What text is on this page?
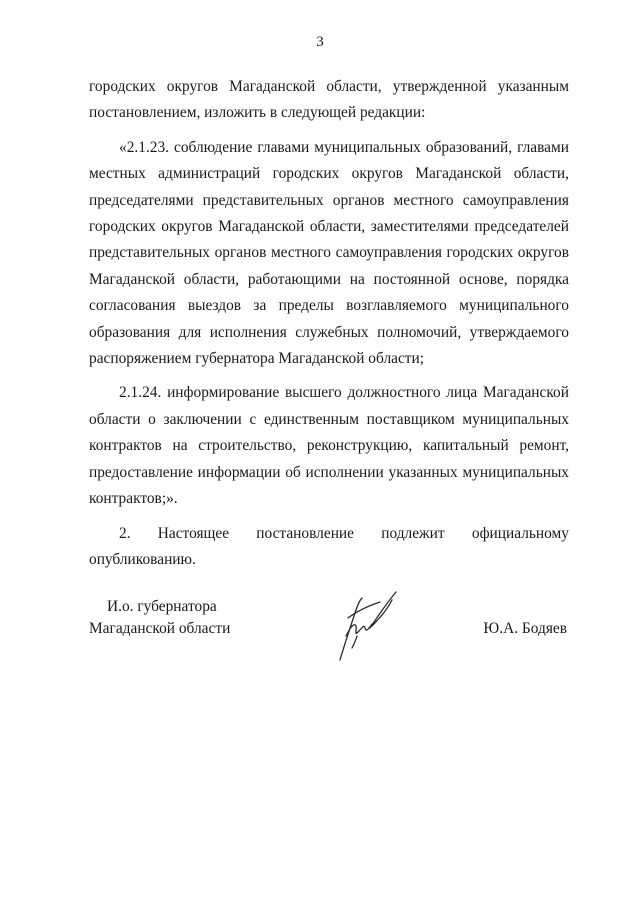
3

городских округов Магаданской области, утвержденной указанным постановлением, изложить в следующей редакции:

«2.1.23. соблюдение главами муниципальных образований, главами местных администраций городских округов Магаданской области, председателями представительных органов местного самоуправления городских округов Магаданской области, заместителями председателей представительных органов местного самоуправления городских округов Магаданской области, работающими на постоянной основе, порядка согласования выездов за пределы возглавляемого муниципального образования для исполнения служебных полномочий, утверждаемого распоряжением губернатора Магаданской области;

2.1.24. информирование высшего должностного лица Магаданской области о заключении с единственным поставщиком муниципальных контрактов на строительство, реконструкцию, капитальный ремонт, предоставление информации об исполнении указанных муниципальных контрактов;».

2. Настоящее постановление подлежит официальному опубликованию.

И.о. губернатора
Магаданской области	Ю.А. Бодяев
